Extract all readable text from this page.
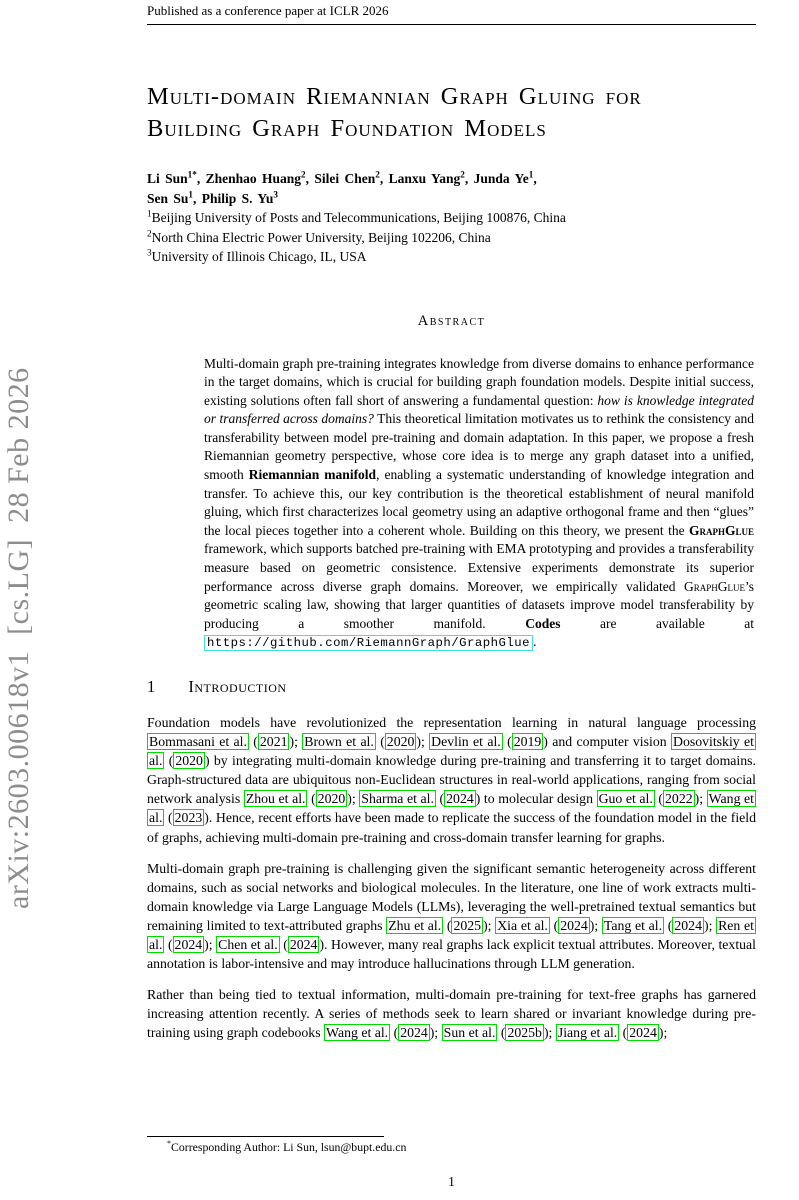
arXiv:2603.00618v1  [cs.LG]  28 Feb 2026
Published as a conference paper at ICLR 2026
Multi-domain Riemannian Graph Gluing for
Building Graph Foundation Models
Li Sun$^{1*}$, Zhenhao Huang$^2$, Silei Chen$^2$, Lanxu Yang$^2$, Junda Ye$^1$,
Sen Su$^1$, Philip S. Yu$^3$
$^1$Beijing University of Posts and Telecommunications, Beijing 100876, China
$^2$North China Electric Power University, Beijing 102206, China
$^3$University of Illinois Chicago, IL, USA
Abstract

Multi-domain graph pre-training integrates knowledge from diverse domains to enhance performance in the target domains, which is crucial for building graph foundation models. Despite initial success, existing solutions often fall short of answering a fundamental question: how is knowledge integrated or transferred across domains? This theoretical limitation motivates us to rethink the consistency and transferability between model pre-training and domain adaptation. In this paper, we propose a fresh Riemannian geometry perspective, whose core idea is to merge any graph dataset into a unified, smooth Riemannian manifold, enabling a systematic understanding of knowledge integration and transfer. To achieve this, our key contribution is the theoretical establishment of neural manifold gluing, which first characterizes local geometry using an adaptive orthogonal frame and then “glues” the local pieces together into a coherent whole. Building on this theory, we present the GraphGlue framework, which supports batched pre-training with EMA prototyping and provides a transferability measure based on geometric consistence. Extensive experiments demonstrate its superior performance across diverse graph domains. Moreover, we empirically validated GraphGlue’s geometric scaling law, showing that larger quantities of datasets improve model transferability by producing a smoother manifold. Codes are available at https://github.com/RiemannGraph/GraphGlue .

1 Introduction
Foundation models have revolutionized the representation learning in natural language processing Bommasani et al. ( 2021 ); Brown et al. ( 2020 ); Devlin et al. ( 2019 ) and computer vision Dosovitskiy et al. ( 2020 ) by integrating multi-domain knowledge during pre-training and transferring it to target domains. Graph-structured data are ubiquitous non-Euclidean structures in real-world applications, ranging from social network analysis Zhou et al. ( 2020 ); Sharma et al. ( 2024 ) to molecular design Guo et al. ( 2022 ); Wang et al. ( 2023 ). Hence, recent efforts have been made to replicate the success of the foundation model in the field of graphs, achieving multi-domain pre-training and cross-domain transfer learning for graphs.
Multi-domain graph pre-training is challenging given the significant semantic heterogeneity across different domains, such as social networks and biological molecules. In the literature, one line of work extracts multi-domain knowledge via Large Language Models (LLMs), leveraging the well-pretrained textual semantics but remaining limited to text-attributed graphs Zhu et al. ( 2025 ); Xia et al. ( 2024 ); Tang et al. ( 2024 ); Ren et al. ( 2024 ); Chen et al. ( 2024 ). However, many real graphs lack explicit textual attributes. Moreover, textual annotation is labor-intensive and may introduce hallucinations through LLM generation.
Rather than being tied to textual information, multi-domain pre-training for text-free graphs has garnered increasing attention recently. A series of methods seek to learn shared or invariant knowledge during pre-training using graph codebooks Wang et al. ( 2024 ); Sun et al. ( 2025b ); Jiang et al. ( 2024 );

*Corresponding Author: Li Sun, lsun@bupt.edu.cn

1
